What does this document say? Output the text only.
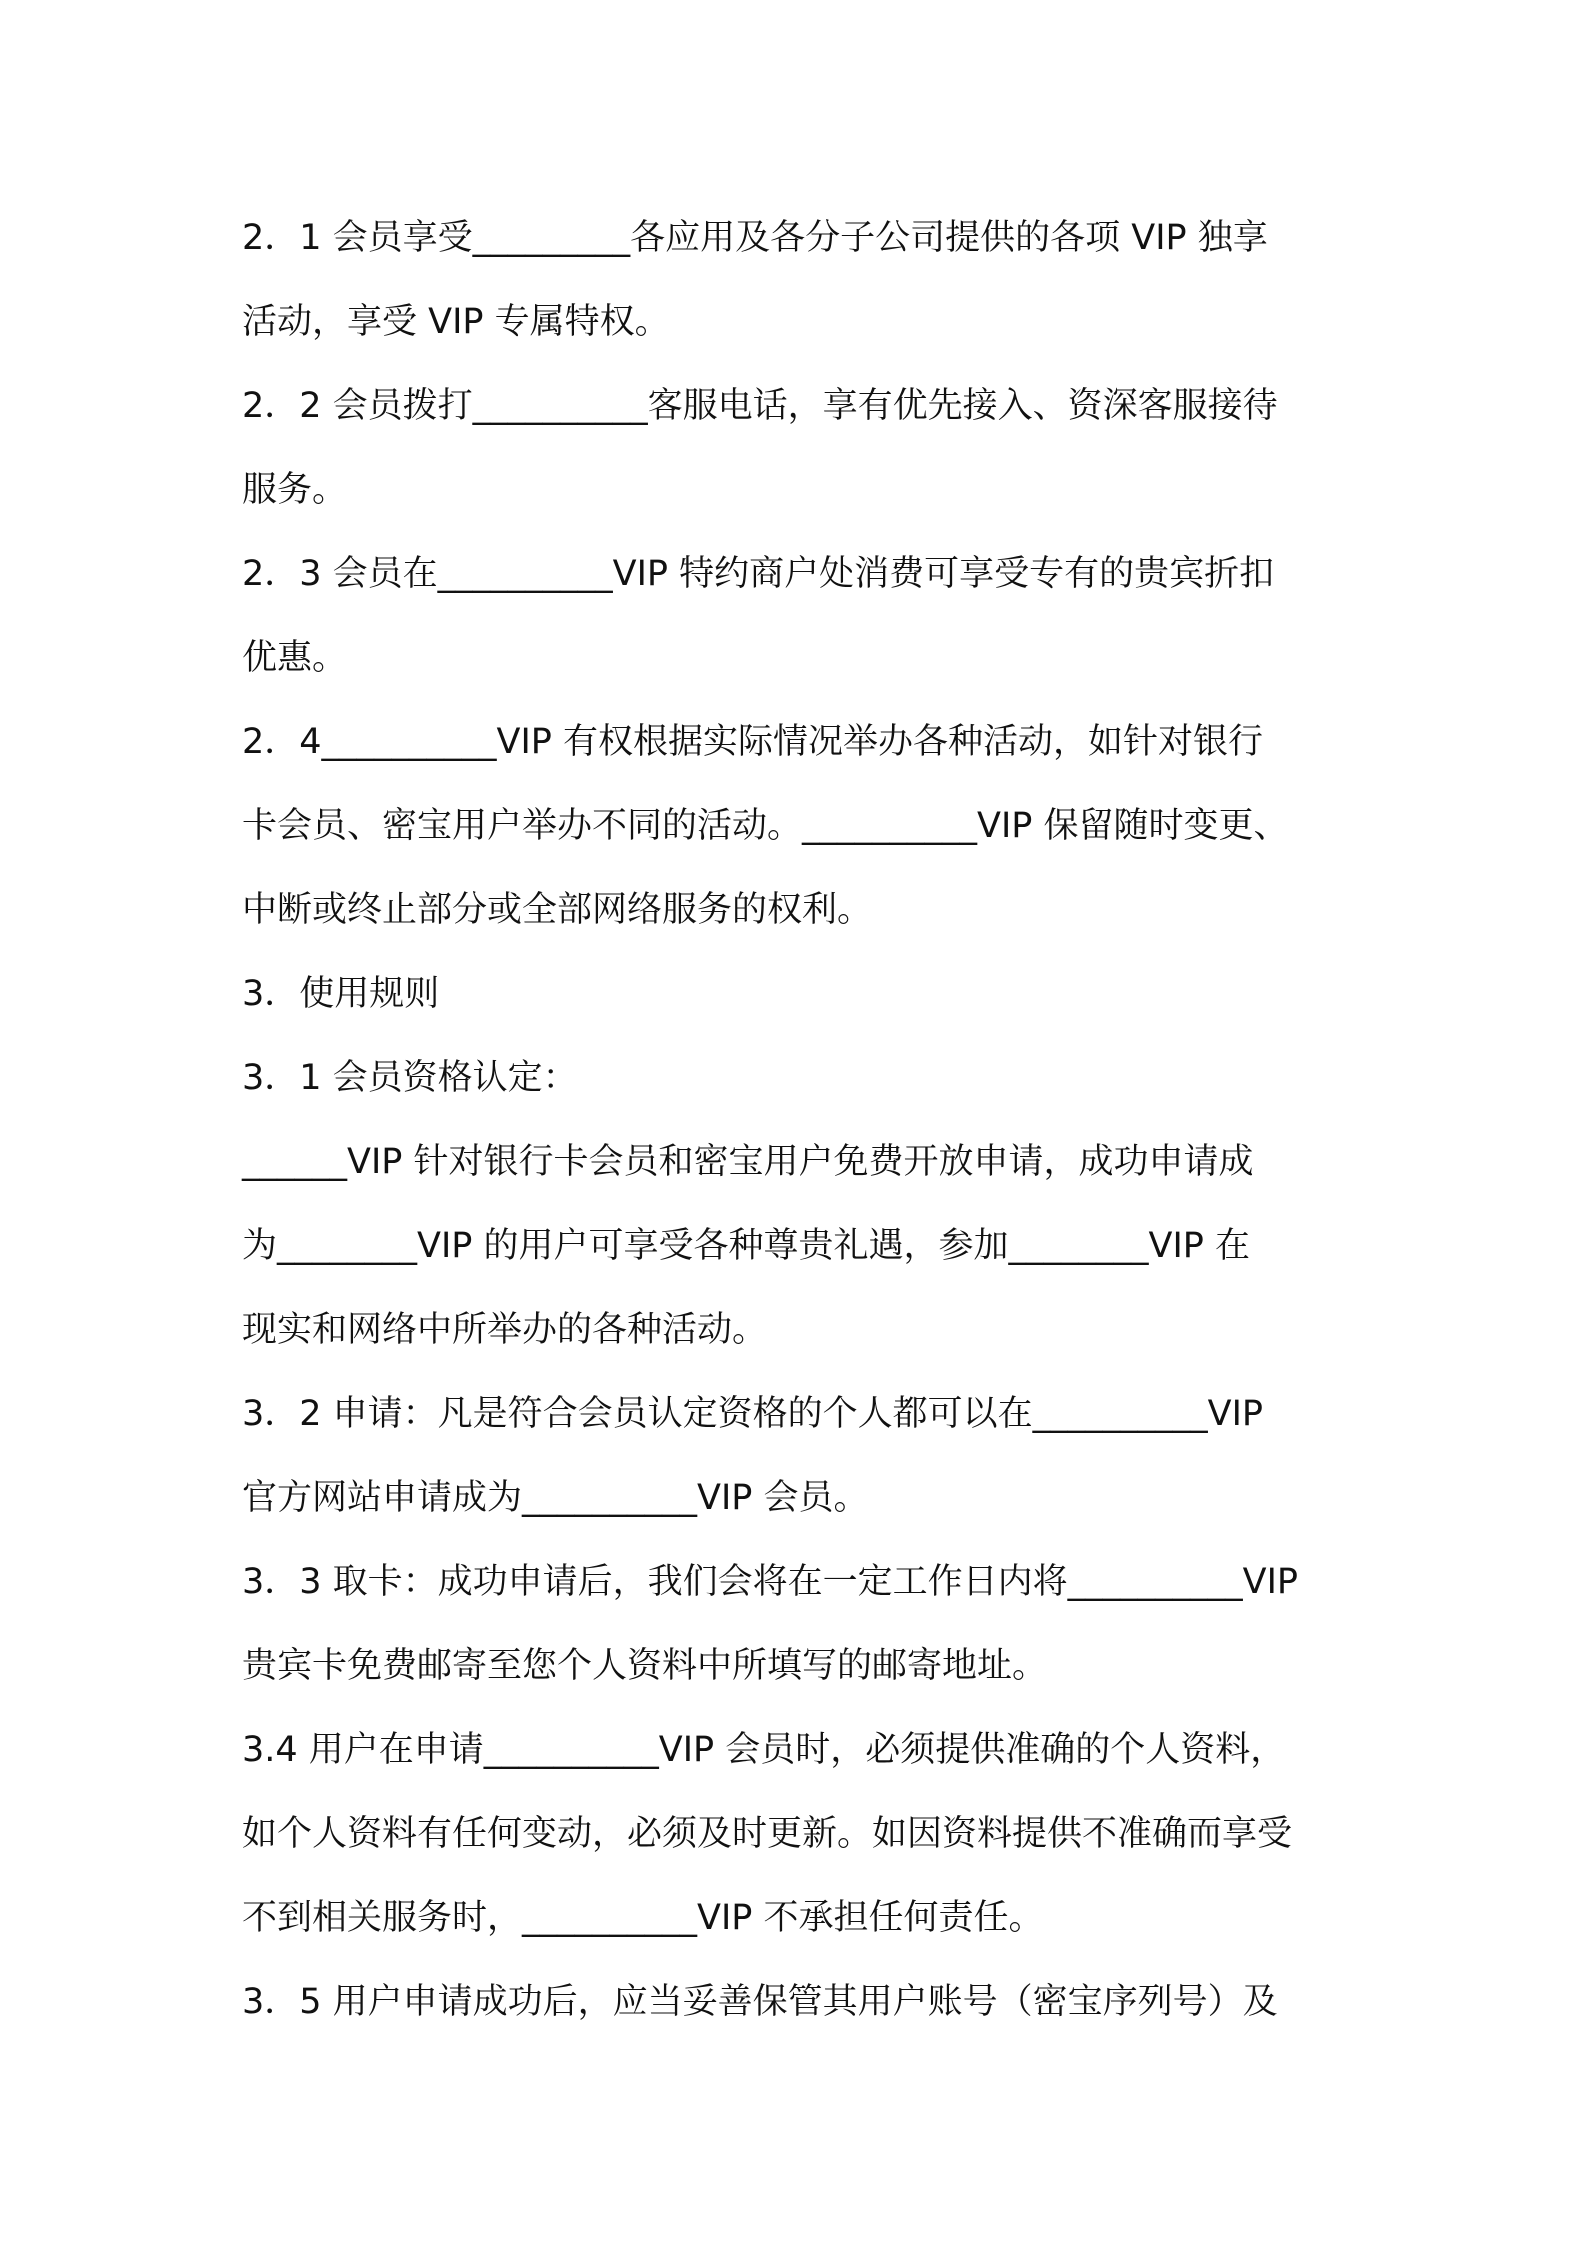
2．1 会员享受_________各应用及各分子公司提供的各项 VIP 独享
活动，享受 VIP 专属特权。
2．2 会员拨打__________客服电话，享有优先接入、资深客服接待
服务。
2．3 会员在__________VIP 特约商户处消费可享受专有的贵宾折扣
优惠。
2．4__________VIP 有权根据实际情况举办各种活动，如针对银行
卡会员、密宝用户举办不同的活动。__________VIP 保留随时变更、
中断或终止部分或全部网络服务的权利。
3．使用规则
3．1 会员资格认定：
______VIP 针对银行卡会员和密宝用户免费开放申请，成功申请成
为________VIP 的用户可享受各种尊贵礼遇，参加________VIP 在
现实和网络中所举办的各种活动。
3．2 申请：凡是符合会员认定资格的个人都可以在__________VIP
官方网站申请成为__________VIP 会员。
3．3 取卡：成功申请后，我们会将在一定工作日内将__________VIP
贵宾卡免费邮寄至您个人资料中所填写的邮寄地址。
3.4 用户在申请__________VIP 会员时，必须提供准确的个人资料，
如个人资料有任何变动，必须及时更新。如因资料提供不准确而享受
不到相关服务时，__________VIP 不承担任何责任。
3．5 用户申请成功后，应当妥善保管其用户账号（密宝序列号）及
